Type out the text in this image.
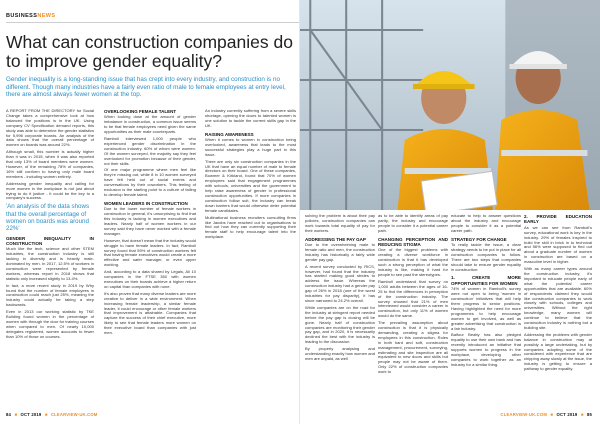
BUSINESSNEWS
What can construction companies do to improve gender equality?

Gender inequality is a long-standing issue that has crept into every industry, and construction is no different. Though many industries have a fairly even ratio of male to female employees at entry level, there are almost always fewer women at the top.

A REPORT FROM THE DIRECTORY for Social Change takes a comprehensive look at how balanced the positions is in the UK. Using company CV Specification demand reports, this study was able to determine the gender statistics for 5,996 corporate boards. An analysis of the data shows that the overall percentage of women on boards was around 22%.

Although small, this number is actually higher than it was in 2015, when it was also reported that only 13% of board members were women. However, of the remaining 78% of companies, 16% still conform to having only male board members - including women entirely.

Addressing gender inequality and calling for more women in the workplace is not just about trying to do it justice - it could be the key to a company's success.

'An analysis of the data shows that the overall percentage of women on boards was around 22%'

GENDER INEQUALITY IN CONSTRUCTION

Much like the tech, science and other STEM industries, the construction industry is still lacking in diversity and is heavily male-dominated by men. In 2017, 12.5% of workers in construction were represented by female workers, whereas report in 2018 shows that statistic only increased slightly to 13.4%.

In fact, a more recent study in 2019 by Why found that the number of female employees in construction could reach just 25%, meaning the industry could actually be taking a step backwards.

Even in 2013 our working statistic by TKE Building found women in the percentage of women with through the door for training courses when compared to men. Of nearly 10,000 delegates registered, women accounts to fewer than 10% of those on courses.

OVERLOOKING FEMALE TALENT

When looking dose at the amount of gender imbalance in construction, a common issue seems to be that female employees need given the same opportunities as their male counterparts.

Ramboll interviewed 1,000 people who experienced gender discrimination in the construction industry. 60% of whom were women. Of the women surveyed, the majority say they feel overlooked for promotion because of their gender, not their skills.

Of one major programme where men feel like they're missing out, while 8 in 10 women surveyed have felt held out of social events and conversations by their coworkers. This feeling of exclusion is the starting point to a culture of failing to develop female talent.

WOMEN LEADERS IN CONSTRUCTION

Due to the lower number of female workers in construction in general, it's unsurprising to find that this industry is lacking in women executives and leaders. Nearly half of women workers in our survey said they have never worked with a female manager.

However, that doesn't mean that the industry would struggle to have female leaders. In fact, Ramboll survey found that 59% of construction workers felt that having female executives would create a more effective and safer manager, or even upper working.

And, according to a data shared by Legals, All 10 companies in the FTSE 350 with women executives on their boards achieve a higher return on capital than companies with none.

It's also proven that many diverse leaders are more creative to deliver in a wide environment. When increasing female leadership, a similar female leader, it could encourage or other female workers that improvement is attainable. Companies that capture the success of their chief executive, more likely to see that female leaders more women on their executive board than companies with just men.

An industry currently suffering from a severe skills shortage, opening the doors to talented women is one solution to tackle the current skills gap in the UK.

RAISING AWARENESS

When it comes to women in construction being overlooked, awareness that leads to the most successful strategies play a huge part in this issue.

There are only six construction companies in the UK that have an equal number of male to female directors on their board. One of these companies, Bowmer & Kirkland, found that 70% of women employees said that engagement programmes with schools, universities and the government to help raise awareness of gender in professional construction opportunities. If more companies in construction follow suit, the industry can break down barriers that would otherwise deter potential female candidates.

Multinational business recruiters consulting firms like Jacobs have reached out to organisations to find out how they can currently supporting their female staff to help encourage talent into the workplace.

84 ■ OCT 2019 ■ CLEARVIEW-UK.COM

solving the problem is about their pay policies, construction companies can work towards total equality of pay for their workers.

ADDRESSING THE PAY GAP

Due to the overwhelming male to female ratio and men, the construction industry has historically a fairly wide gender pay gap.

A recent survey conducted by RICS, however, had found that the industry has started making good strides to address the issue. Whereas the construction industry had a gender pay gap of 26% in 2018 (one of the worst industries for pay disparity), it has since narrowed to 24.2% overall.

While companies are on the road for the industry at stringent report needed before the pay gap is closing will be gone. Nearly half of construction companies are monitoring their gender pay gap, and in 2020, it is necessarily declined the best with the industry is leading to the discussion.

By properly analysing and understanding exactly how women and men are unpaid, as well

as to be able to identify areas of pay parity, the industry and encourage people to consider it a potential career path.

CHANGING PERCEPTION AND REDUCING STIGMA

One of the biggest problems with creating a diverse workforce in construction is that it has developed such a strong perception of what the industry is like, making it hard for people to see past the stereotypes.

Ramboll understand that survey on 1,000 adults between the ages of 16-25 to find the differences in perception of the construction industry. The survey showed that 21% of men interviewed would consider a career in construction, but only 11% of women would do the same.

The prevailing assumption about construction is that it is physically demanding, creating a stigma for employees in this construction. Roles in both hard and soft, construction management, procurement, surveying, estimating and site inspection are all equivalent to new doors and skills but people may not be aware of them. Only 22% of construction companies work to

educate to help to answer questions about the industry and encourage people to consider it as a potential career path.

STRATEGY FOR CHANGE

To really tackle the issue, a clear strategy needs to be put in place for all construction companies to follow. There are two steps that companies should take to ensure gender equality in construction:

1. CREATE MORE OPPORTUNITIES FOR WOMEN

74% of women in Ramboll's survey were not open to being 'women in construction' initiatives that will help them progress to senior positions. Having highlighted the need for more programmes to help encourage women to get involved, as well as greater advertising that construction is a fair industry.

Balfour Beatty has also pledged equality to use their own bank and has recently introduced an initiative that supports women to progress in the workplace, developing other companies to work together as an industry for a similar thing.

2. PROVIDE EDUCATION EARLY

As we can see from Ramboll's survey, educational work is key in the industry. 29% of females inspired to build the skill in brick in to technical and 56% were supposed to find out about a graduate number of women in construction are based on a masculine level in higher.

With as many career types around the construction industry, it's important to educate people early of what the potential career opportunities that are available. 60% of respondents claimed they would like construction companies to work closely with schools, colleges and universities. Without the right knowledge, many women will continue to believe that the construction industry is nothing but a building site.

Addressing the problems with gender balance in construction may at possibly a large undertaking, but by companies adopting some of the considered with experience that are chipping away slowly at the issue, the industry is getting to ensure a pathway to gender equality.

CLEARVIEW-UK.COM ■ OCT 2019 ■ 85
